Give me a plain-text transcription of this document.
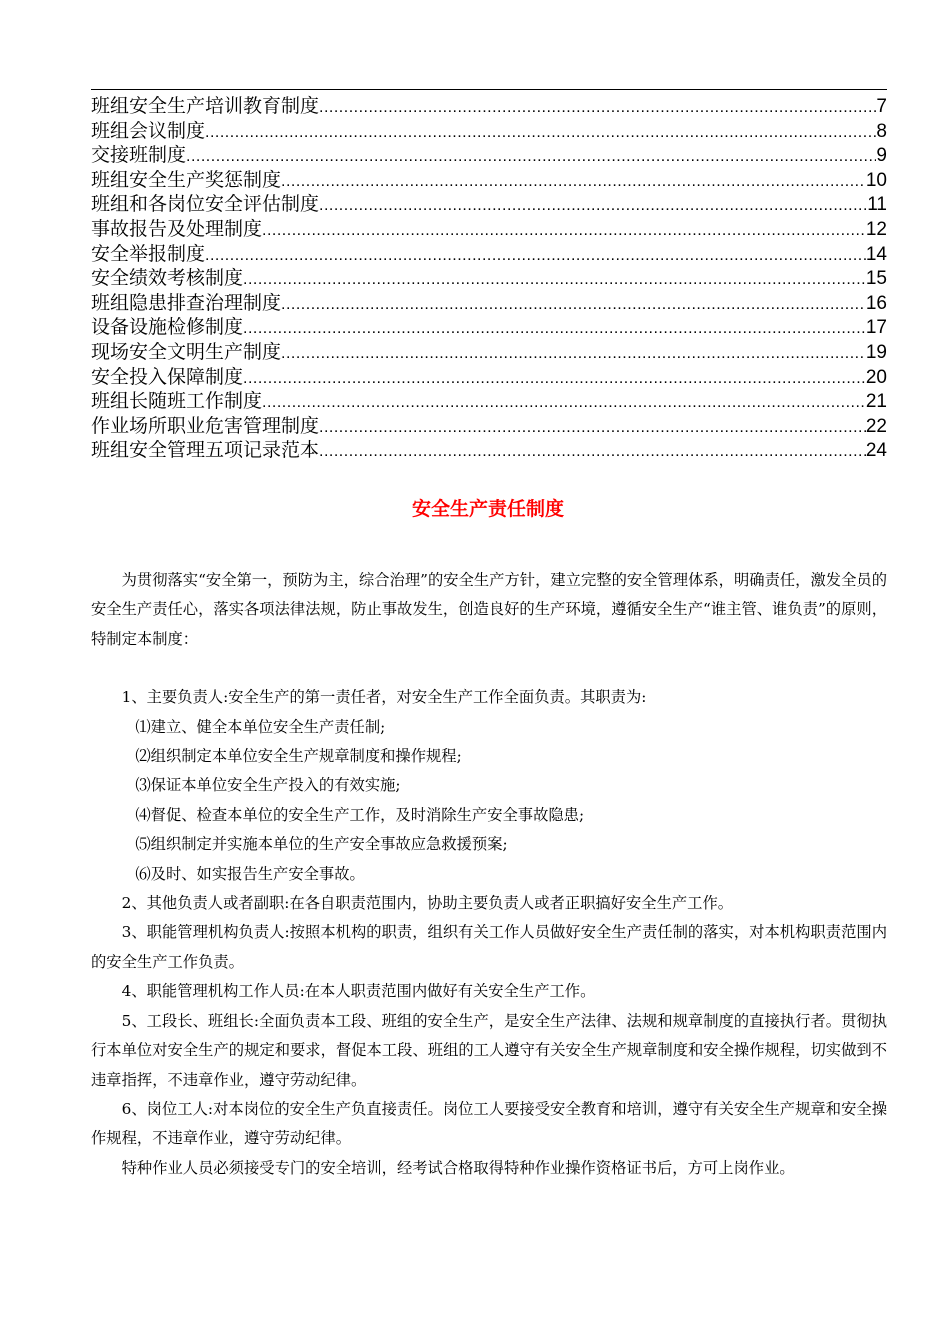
班组安全生产培训教育制度 .....	7
班组会议制度 .....	8
交接班制度 .....	9
班组安全生产奖惩制度 .....	10
班组和各岗位安全评估制度 .....	11
事故报告及处理制度 .....	12
安全举报制度 .....	14
安全绩效考核制度 .....	15
班组隐患排查治理制度 .....	16
设备设施检修制度 .....	17
现场安全文明生产制度 .....	19
安全投入保障制度 .....	20
班组长随班工作制度 .....	21
作业场所职业危害管理制度 .....	22
班组安全管理五项记录范本 .....	24
安全生产责任制度

为贯彻落实“安全第一，预防为主，综合治理”的安全生产方针，建立完整的安全管理体系，明确责任，激发全员的安全生产责任心，落实各项法律法规，防止事故发生，创造良好的生产环境，遵循安全生产“谁主管、谁负责”的原则，特制定本制度：

1、主要负责人:安全生产的第一责任者，对安全生产工作全面负责。其职责为:

⑴建立、健全本单位安全生产责任制;

⑵组织制定本单位安全生产规章制度和操作规程;

⑶保证本单位安全生产投入的有效实施;

⑷督促、检查本单位的安全生产工作，及时消除生产安全事故隐患;

⑸组织制定并实施本单位的生产安全事故应急救援预案;

⑹及时、如实报告生产安全事故。

2、其他负责人或者副职:在各自职责范围内，协助主要负责人或者正职搞好安全生产工作。

3、职能管理机构负责人:按照本机构的职责，组织有关工作人员做好安全生产责任制的落实，对本机构职责范围内的安全生产工作负责。

4、职能管理机构工作人员:在本人职责范围内做好有关安全生产工作。

5、工段长、班组长:全面负责本工段、班组的安全生产，是安全生产法律、法规和规章制度的直接执行者。贯彻执行本单位对安全生产的规定和要求，督促本工段、班组的工人遵守有关安全生产规章制度和安全操作规程，切实做到不违章指挥，不违章作业，遵守劳动纪律。

6、岗位工人:对本岗位的安全生产负直接责任。岗位工人要接受安全教育和培训，遵守有关安全生产规章和安全操作规程，不违章作业，遵守劳动纪律。

特种作业人员必须接受专门的安全培训，经考试合格取得特种作业操作资格证书后，方可上岗作业。
